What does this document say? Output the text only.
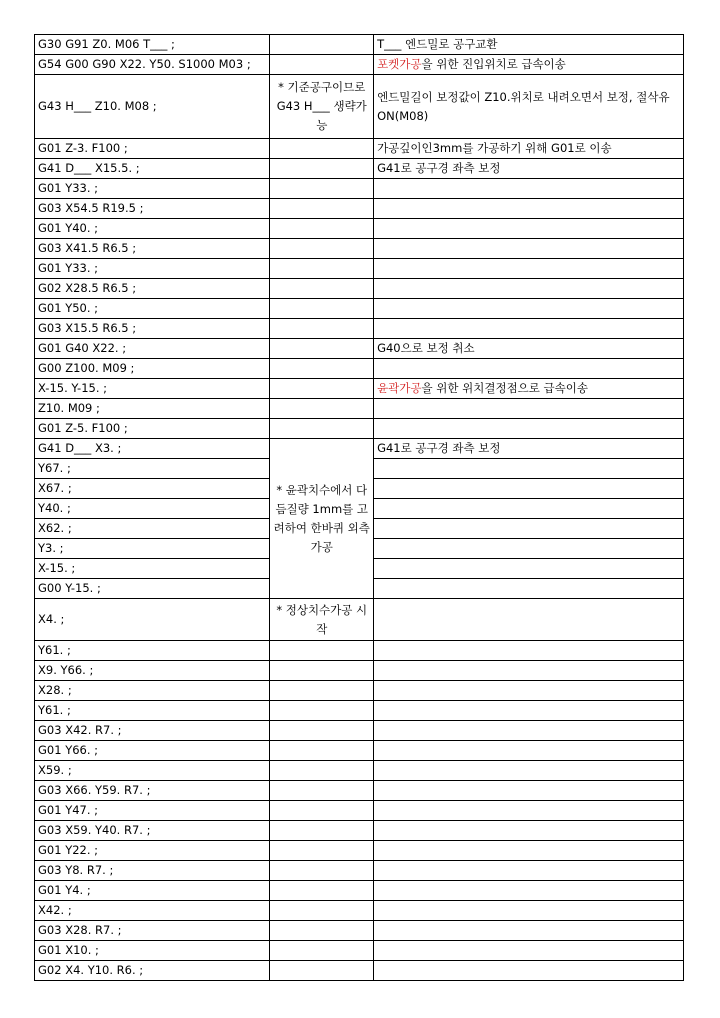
G30 G91 Z0. M06 T___ ;		T___ 엔드밀로 공구교환
G54 G00 G90 X22. Y50. S1000 M03 ;		포켓가공을 위한 진입위치로 급속이송
G43 H___ Z10. M08 ;	* 기준공구이므로 G43 H___ 생략가능	엔드밀길이 보정값이 Z10.위치로 내려오면서 보정, 절삭유 ON(M08)
G01 Z-3. F100 ;		가공깊이인3mm를 가공하기 위해 G01로 이송
G41 D___ X15.5. ;		G41로 공구경 좌측 보정
G01 Y33. ;		
G03 X54.5 R19.5 ;		
G01 Y40. ;		
G03 X41.5 R6.5 ;		
G01 Y33. ;		
G02 X28.5 R6.5 ;		
G01 Y50. ;		
G03 X15.5 R6.5 ;		
G01 G40 X22. ;		G40으로 보정 취소
G00 Z100. M09 ;		
X-15. Y-15. ;		윤곽가공을 위한 위치결정점으로 급속이송
Z10. M09 ;		
G01 Z-5. F100 ;		
G41 D___ X3. ;	* 윤곽치수에서 다듬질량 1mm를 고려하여 한바퀴 외측가공	G41로 공구경 좌측 보정
Y67. ;		
X67. ;		
Y40. ;		
X62. ;		
Y3. ;		
X-15. ;		
G00 Y-15. ;		
X4. ;	* 정상치수가공 시작	
Y61. ;		
X9. Y66. ;		
X28. ;		
Y61. ;		
G03 X42. R7. ;		
G01 Y66. ;		
X59. ;		
G03 X66. Y59. R7. ;		
G01 Y47. ;		
G03 X59. Y40. R7. ;		
G01 Y22. ;		
G03 Y8. R7. ;		
G01 Y4. ;		
X42. ;		
G03 X28. R7. ;		
G01 X10. ;		
G02 X4. Y10. R6. ;		
